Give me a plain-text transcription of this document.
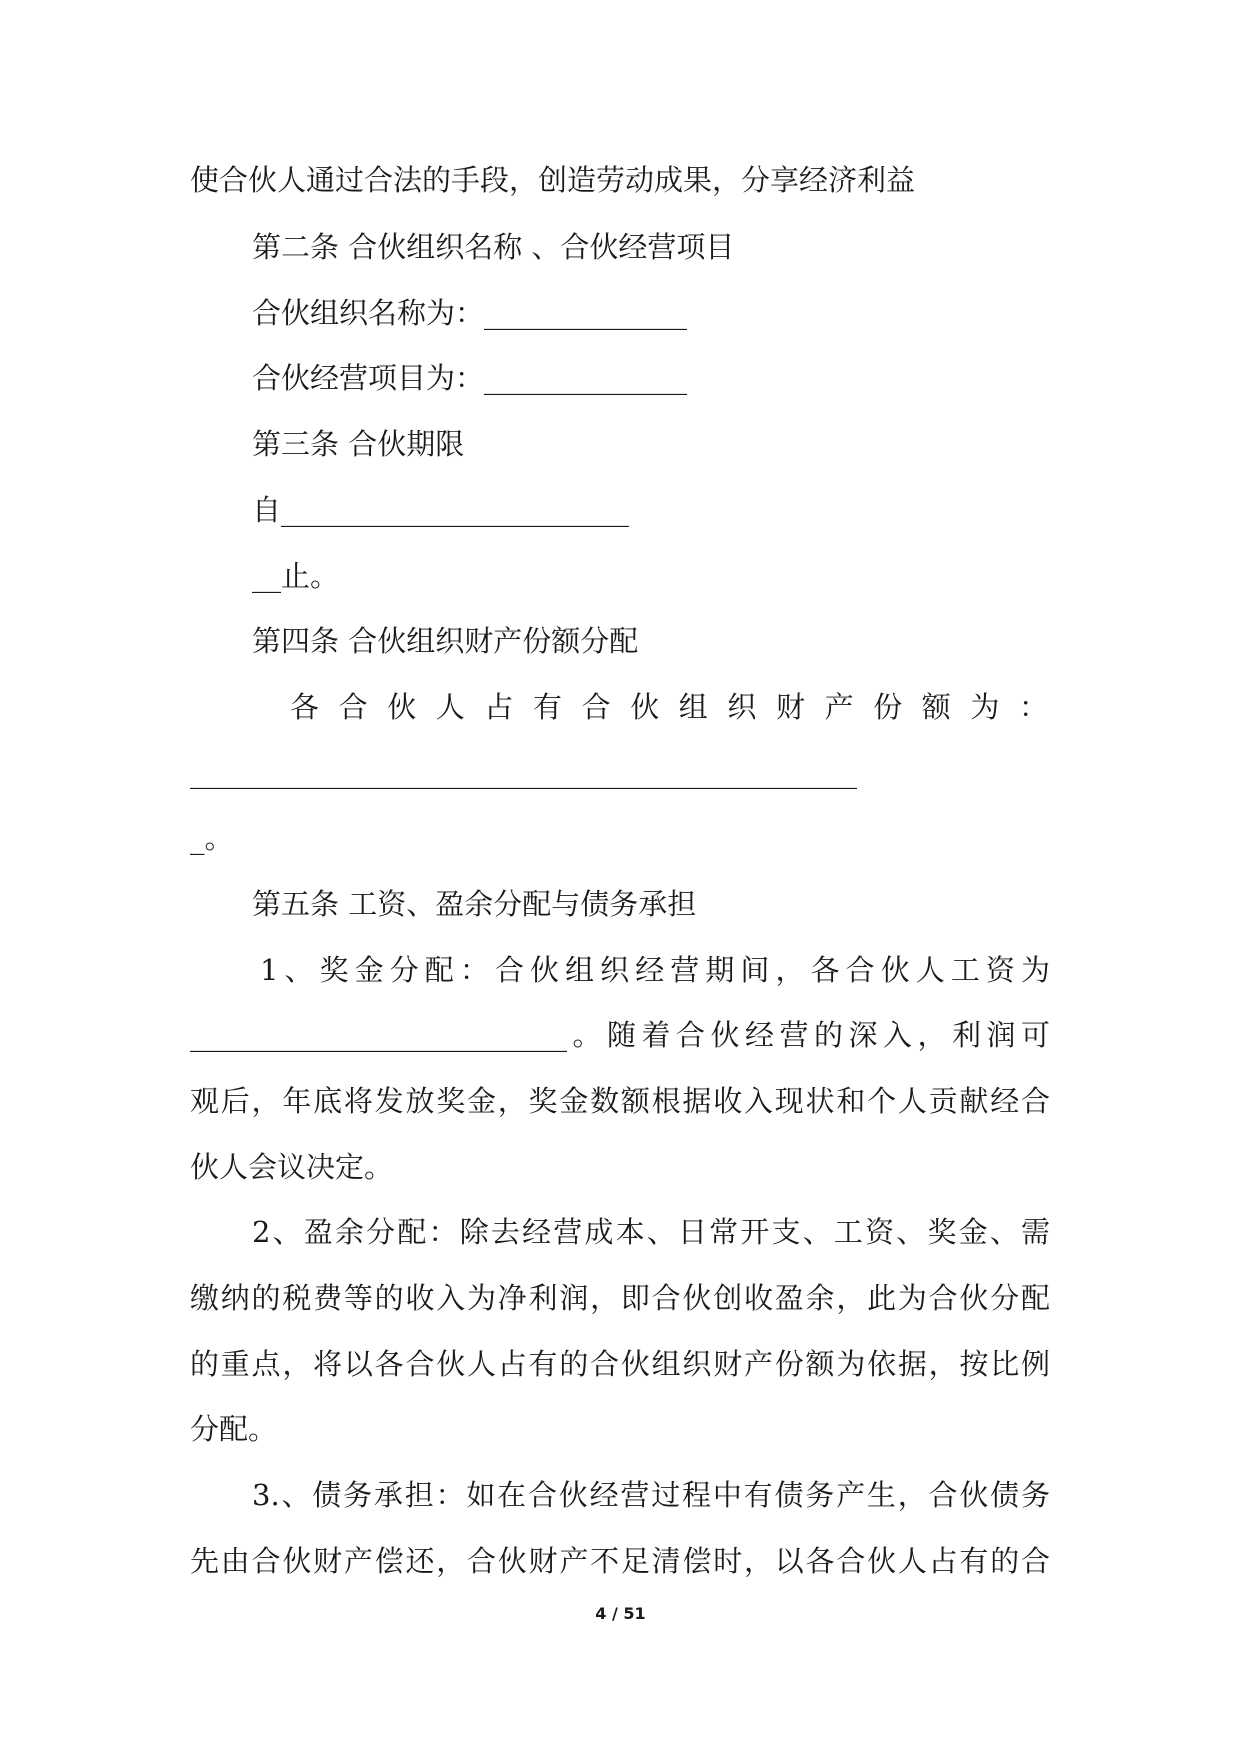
使合伙人通过合法的手段，创造劳动成果，分享经济利益
第二条 合伙组织名称 、合伙经营项目
合伙组织名称为：______________
合伙经营项目为：______________
第三条 合伙期限
自________________________
__止。
第四条 合伙组织财产份额分配
各合伙人占有合伙组织财产份额为：
______________________________________________
_。
第五条 工资、盈余分配与债务承担
1、奖金分配：合伙组织经营期间，各合伙人工资为
__________________________。随着合伙经营的深入，利润可
观后，年底将发放奖金，奖金数额根据收入现状和个人贡献经合
伙人会议决定。
2、盈余分配：除去经营成本、日常开支、工资、奖金、需
缴纳的税费等的收入为净利润，即合伙创收盈余，此为合伙分配
的重点，将以各合伙人占有的合伙组织财产份额为依据，按比例
分配。
3.、债务承担：如在合伙经营过程中有债务产生，合伙债务
先由合伙财产偿还，合伙财产不足清偿时，以各合伙人占有的合
4 / 51
